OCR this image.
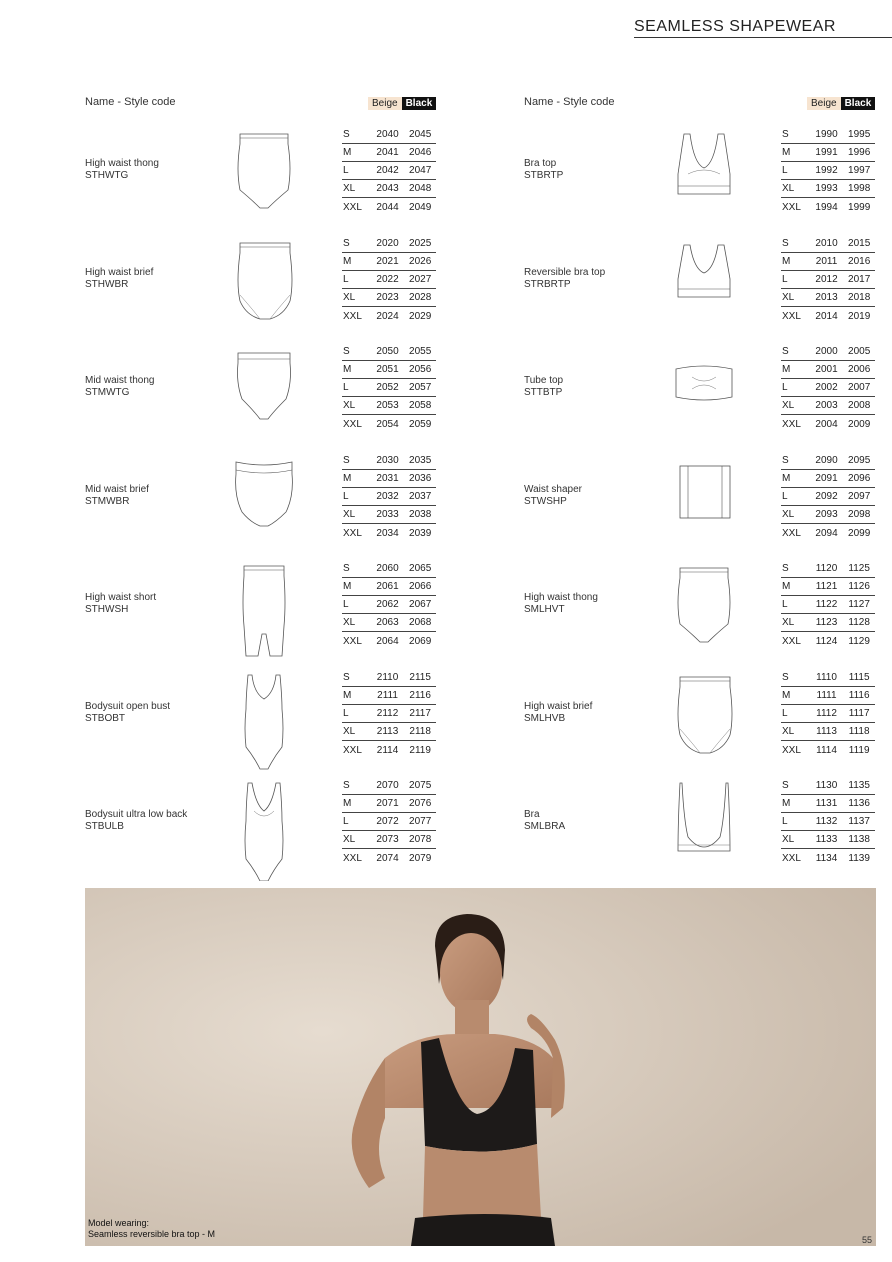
SEAMLESS SHAPEWEAR
Name - Style code	Beige Black	Name - Style code	Beige Black
High waist thong
STHWTG
S	2040	2045
M	2041	2046
L	2042	2047
XL	2043	2048
XXL	2044	2049
High waist brief
STHWBR
S	2020	2025
M	2021	2026
L	2022	2027
XL	2023	2028
XXL	2024	2029
Mid waist thong
STMWTG
S	2050	2055
M	2051	2056
L	2052	2057
XL	2053	2058
XXL	2054	2059
Mid waist brief
STMWBR
S	2030	2035
M	2031	2036
L	2032	2037
XL	2033	2038
XXL	2034	2039
High waist short
STHWSH
S	2060	2065
M	2061	2066
L	2062	2067
XL	2063	2068
XXL	2064	2069
Bodysuit open bust
STBOBT
S	2110	2115
M	2111	2116
L	2112	2117
XL	2113	2118
XXL	2114	2119
Bodysuit ultra low back
STBULB
S	2070	2075
M	2071	2076
L	2072	2077
XL	2073	2078
XXL	2074	2079
Bra top
STBRTP
S	1990	1995
M	1991	1996
L	1992	1997
XL	1993	1998
XXL	1994	1999
Reversible bra top
STRBRTP
S	2010	2015
M	2011	2016
L	2012	2017
XL	2013	2018
XXL	2014	2019
Tube top
STTBTP
S	2000	2005
M	2001	2006
L	2002	2007
XL	2003	2008
XXL	2004	2009
Waist shaper
STWSHP
S	2090	2095
M	2091	2096
L	2092	2097
XL	2093	2098
XXL	2094	2099
High waist thong
SMLHVT
S	1120	1125
M	1121	1126
L	1122	1127
XL	1123	1128
XXL	1124	1129
High waist brief
SMLHVB
S	1110	1115
M	1111	1116
L	1112	1117
XL	1113	1118
XXL	1114	1119
Bra
SMLBRA
S	1130	1135
M	1131	1136
L	1132	1137
XL	1133	1138
XXL	1134	1139
Model wearing:
Seamless reversible bra top - M
55
